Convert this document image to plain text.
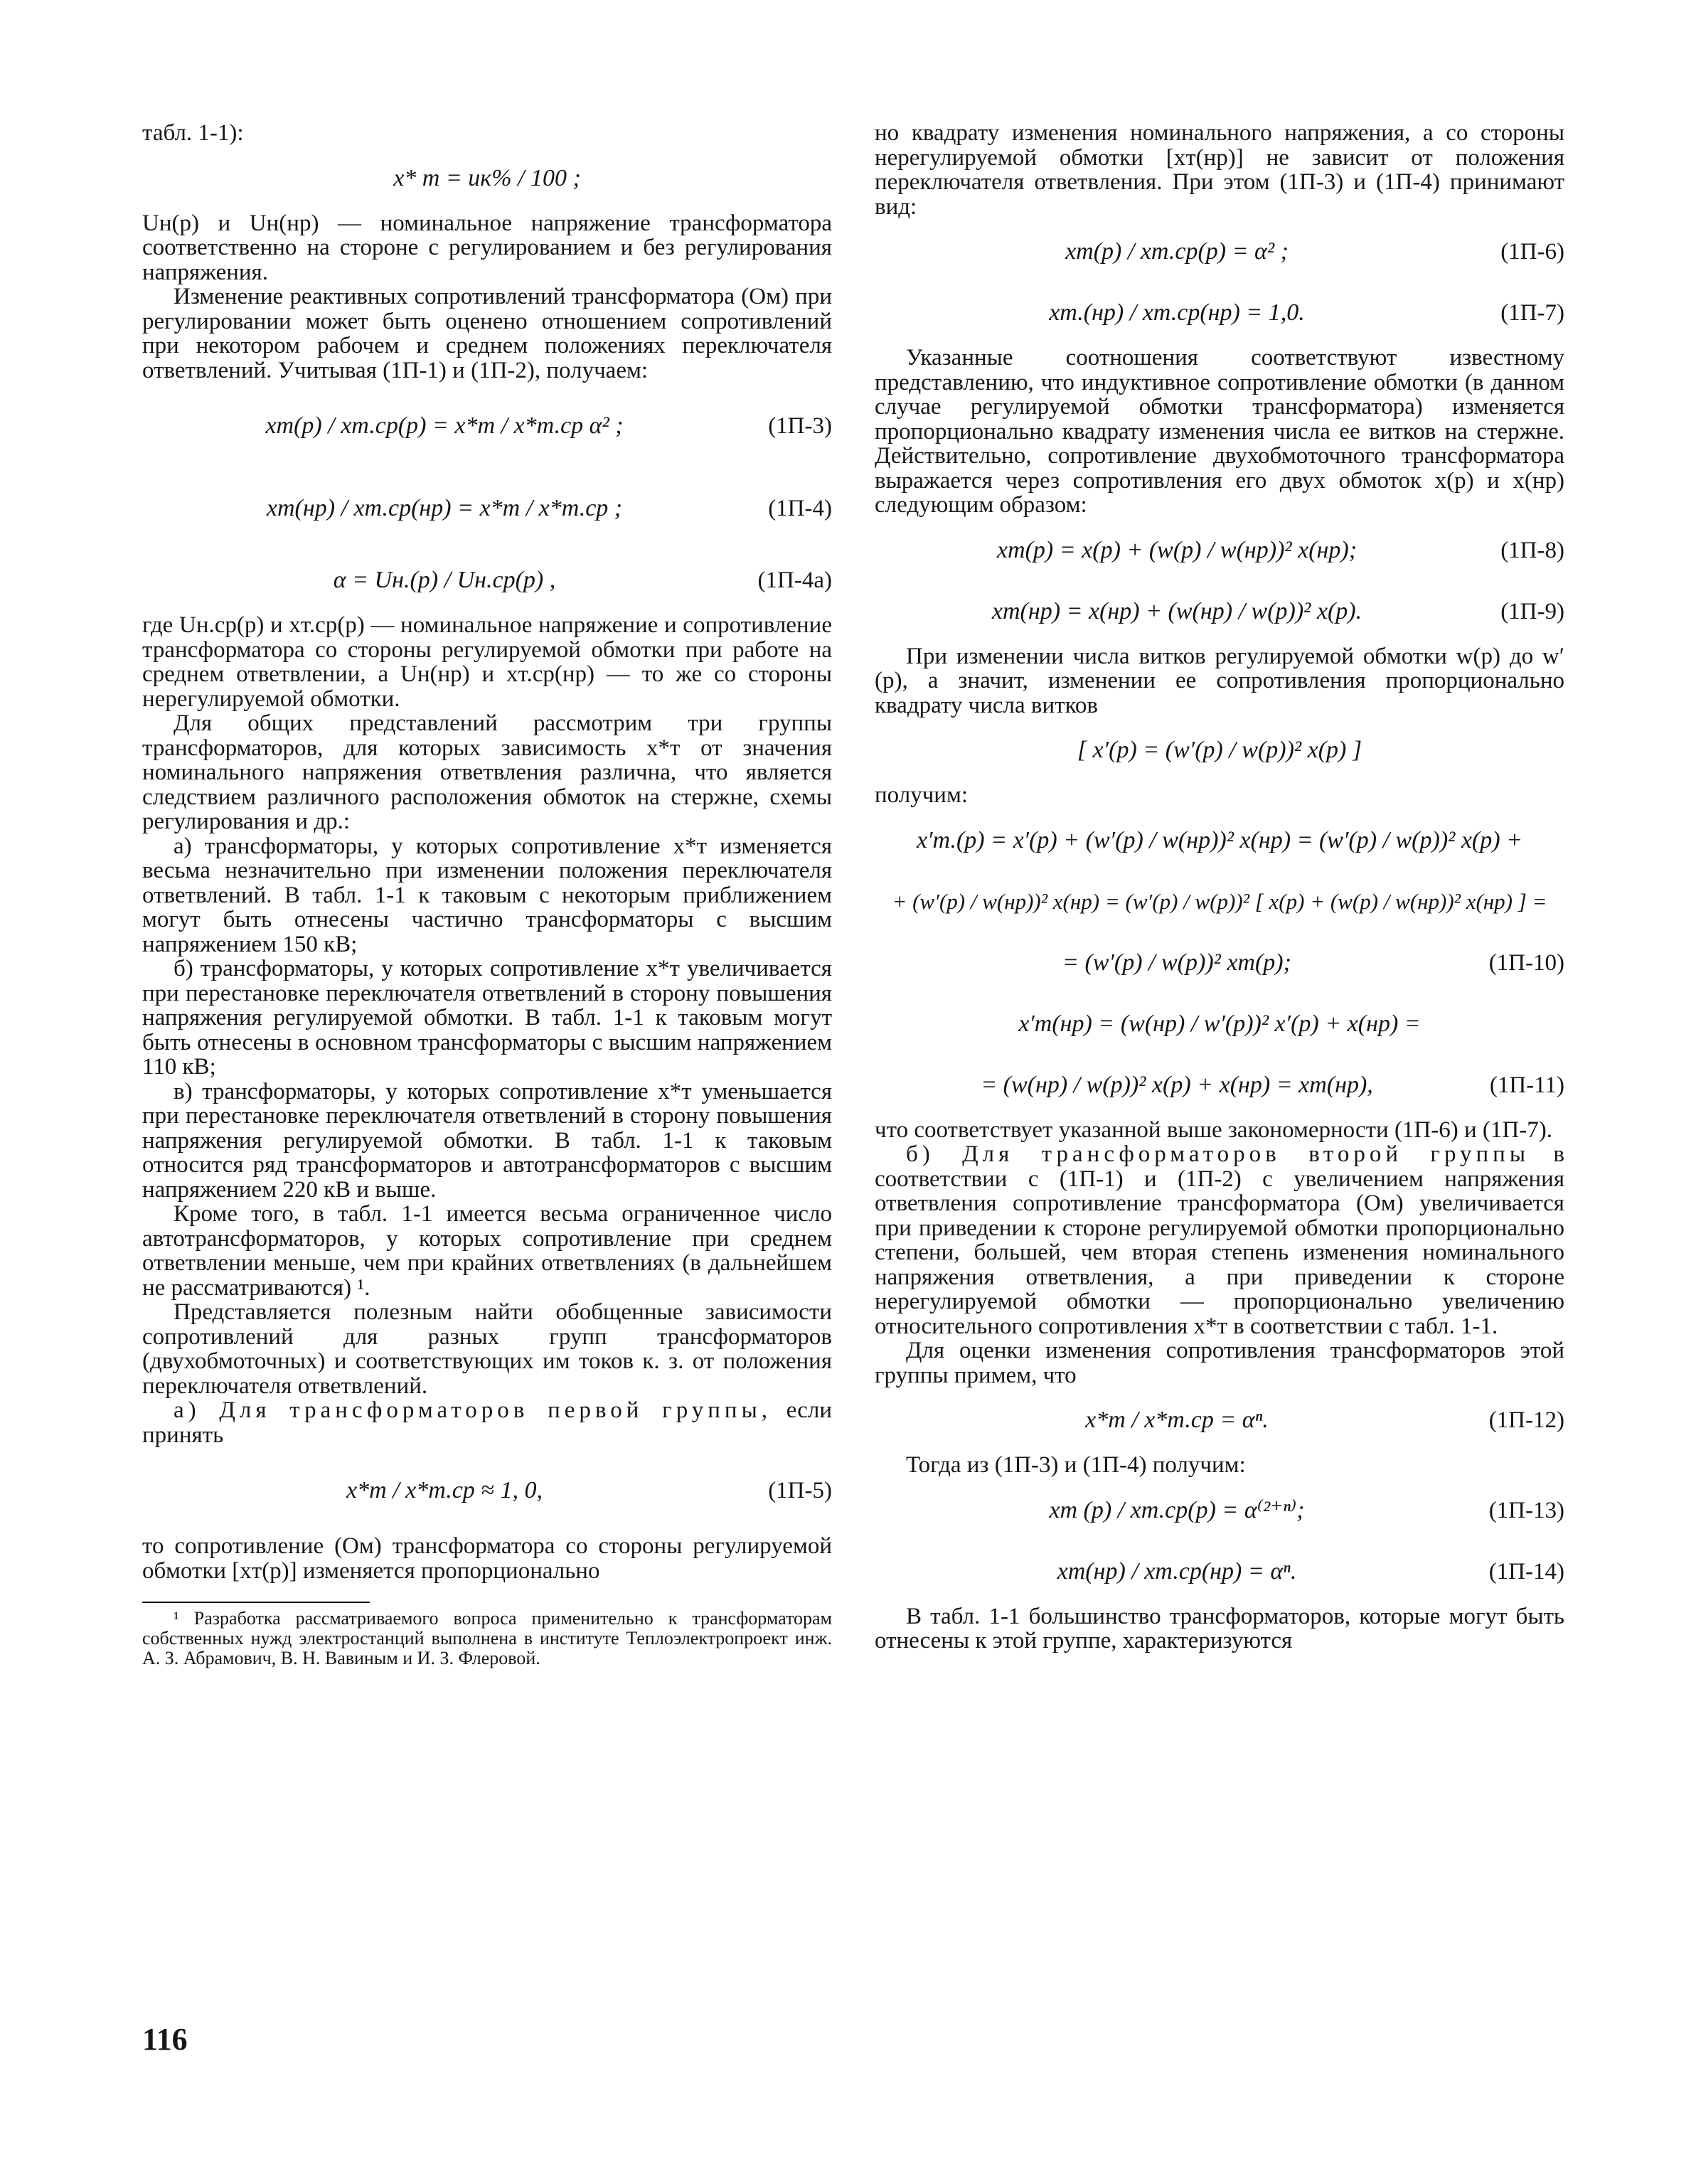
табл. 1-1):

x* т = uк% / 100 ;

Uн(р) и Uн(нр) — номинальное напряжение трансформатора соответственно на стороне с регулированием и без регулирования напряжения.

Изменение реактивных сопротивлений трансформатора (Ом) при регулировании может быть оценено отношением сопротивлений при некотором рабочем и среднем положениях переключателя ответвлений. Учитывая (1П-1) и (1П-2), получаем:

xт(р) / xт.ср(р) = x*т / x*т.ср α² ;	(1П-3)
xт(нр) / xт.ср(нр) = x*т / x*т.ср ;	(1П-4)
α = Uн.(р) / Uн.ср(р) ,	(1П-4а)

где Uн.ср(р) и xт.ср(р) — номинальное напряжение и сопротивление трансформатора со стороны регулируемой обмотки при работе на среднем ответвлении, а Uн(нр) и xт.ср(нр) — то же со стороны нерегулируемой обмотки.

Для общих представлений рассмотрим три группы трансформаторов, для которых зависимость x*т от значения номинального напряжения ответвления различна, что является следствием различного расположения обмоток на стержне, схемы регулирования и др.:

а) трансформаторы, у которых сопротивление x*т изменяется весьма незначительно при изменении положения переключателя ответвлений. В табл. 1-1 к таковым с некоторым приближением могут быть отнесены частично трансформаторы с высшим напряжением 150 кВ;

б) трансформаторы, у которых сопротивление x*т увеличивается при перестановке переключателя ответвлений в сторону повышения напряжения регулируемой обмотки. В табл. 1-1 к таковым могут быть отнесены в основном трансформаторы с высшим напряжением 110 кВ;

в) трансформаторы, у которых сопротивление x*т уменьшается при перестановке переключателя ответвлений в сторону повышения напряжения регулируемой обмотки. В табл. 1-1 к таковым относится ряд трансформаторов и автотрансформаторов с высшим напряжением 220 кВ и выше.

Кроме того, в табл. 1-1 имеется весьма ограниченное число автотрансформаторов, у которых сопротивление при среднем ответвлении меньше, чем при крайних ответвлениях (в дальнейшем не рассматриваются) ¹.

Представляется полезным найти обобщенные зависимости сопротивлений для разных групп трансформаторов (двухобмоточных) и соответствующих им токов к. з. от положения переключателя ответвлений.

а) Для трансформаторов первой группы, если принять

x*т / x*т.ср ≈ 1, 0,	(1П-5)

то сопротивление (Ом) трансформатора со стороны регулируемой обмотки [xт(р)] изменяется пропорционально

¹ Разработка рассматриваемого вопроса применительно к трансформаторам собственных нужд электростанций выполнена в институте Теплоэлектропроект инж. А. З. Абрамович, В. Н. Вавиным и И. З. Флеровой.

но квадрату изменения номинального напряжения, а со стороны нерегулируемой обмотки [xт(нр)] не зависит от положения переключателя ответвления. При этом (1П-3) и (1П-4) принимают вид:

xт(р) / xт.ср(р) = α² ;	(1П-6)
xт.(нр) / xт.ср(нр) = 1,0.	(1П-7)

Указанные соотношения соответствуют известному представлению, что индуктивное сопротивление обмотки (в данном случае регулируемой обмотки трансформатора) изменяется пропорционально квадрату изменения числа ее витков на стержне. Действительно, сопротивление двухобмоточного трансформатора выражается через сопротивления его двух обмоток x(р) и x(нр) следующим образом:

xт(р) = x(р) + (w(р) / w(нр))² x(нр);	(1П-8)
xт(нр) = x(нр) + (w(нр) / w(р))² x(р).	(1П-9)

При изменении числа витков регулируемой обмотки w(р) до w′(р), а значит, изменении ее сопротивления пропорционально квадрату числа витков

[ x′(р) = (w′(р) / w(р))² x(р) ]

получим:

x′т.(р) = x′(р) + (w′(р) / w(нр))² x(нр) = (w′(р) / w(р))² x(р) +
+ (w′(р) / w(нр))² x(нр) = (w′(р) / w(р))² [ x(р) + (w(р) / w(нр))² x(нр) ] =
= (w′(р) / w(р))² xт(р);	(1П-10)
x′т(нр) = (w(нр) / w′(р))² x′(р) + x(нр) =
= (w(нр) / w(р))² x(р) + x(нр) = xт(нр),	(1П-11)

что соответствует указанной выше закономерности (1П-6) и (1П-7).

б) Для трансформаторов второй группы в соответствии с (1П-1) и (1П-2) с увеличением напряжения ответвления сопротивление трансформатора (Ом) увеличивается при приведении к стороне регулируемой обмотки пропорционально степени, большей, чем вторая степень изменения номинального напряжения ответвления, а при приведении к стороне нерегулируемой обмотки — пропорционально увеличению относительного сопротивления x*т в соответствии с табл. 1-1.

Для оценки изменения сопротивления трансформаторов этой группы примем, что

x*т / x*т.ср = αⁿ.	(1П-12)

Тогда из (1П-3) и (1П-4) получим:

xт (р) / xт.ср(р) = α⁽²⁺ⁿ⁾;	(1П-13)
xт(нр) / xт.ср(нр) = αⁿ.	(1П-14)

В табл. 1-1 большинство трансформаторов, которые могут быть отнесены к этой группе, характеризуются

116
